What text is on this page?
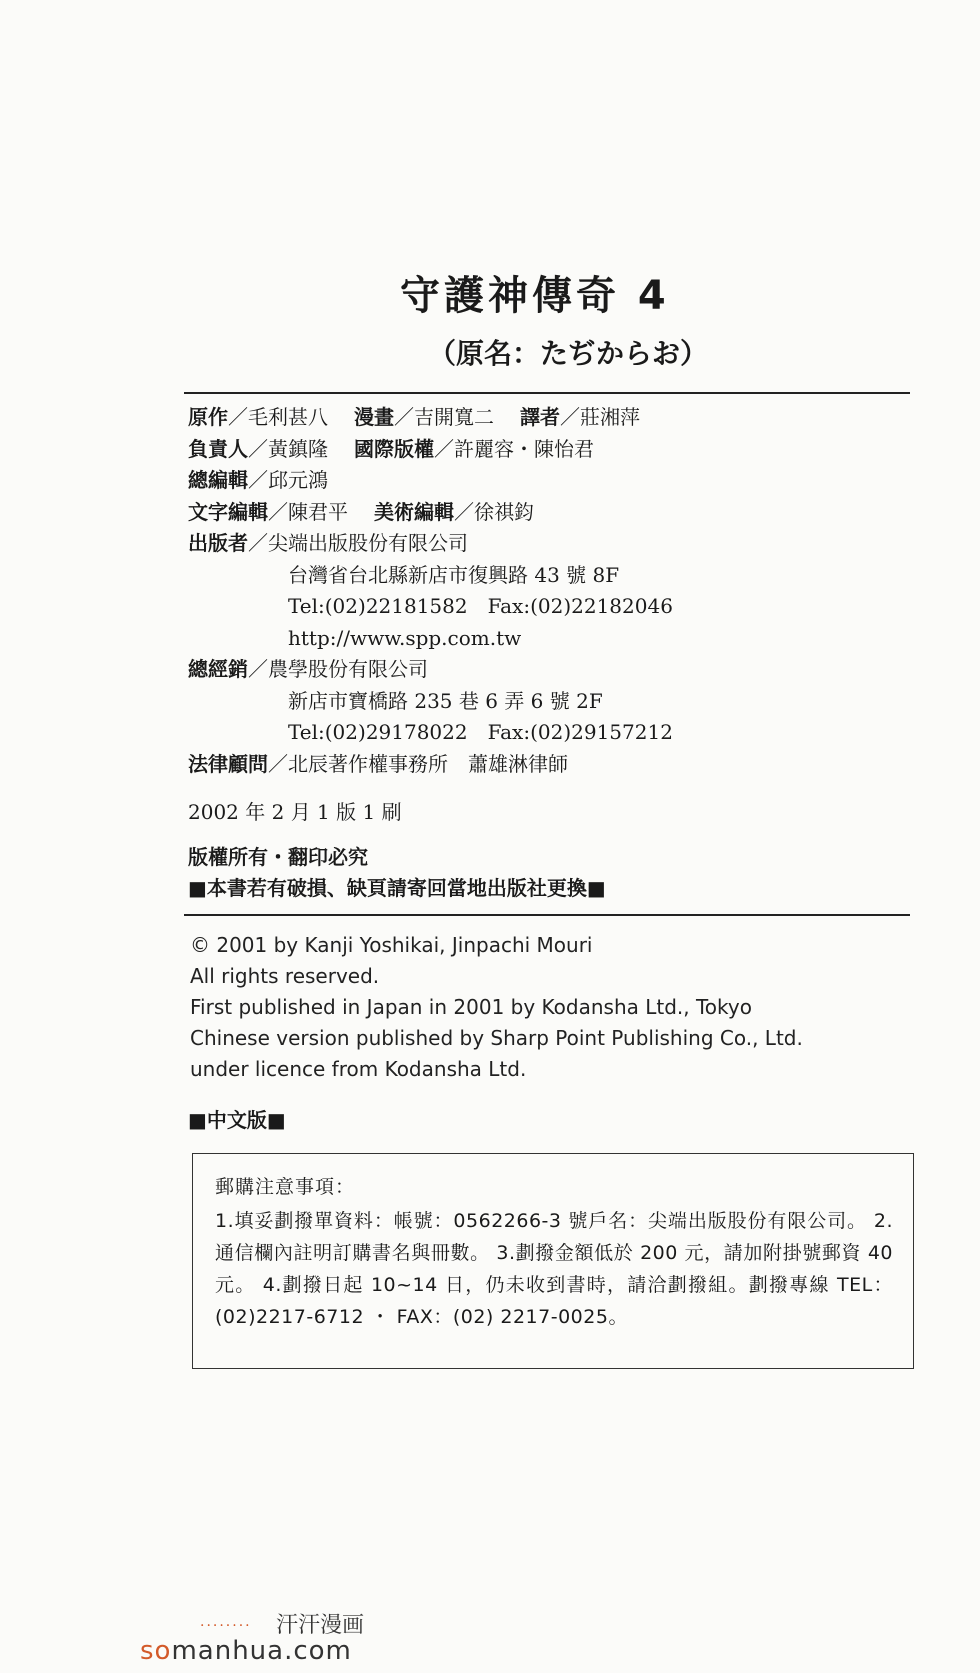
守護神傳奇 4
（原名：たぢからお）
原作／毛利甚八 漫畫／吉開寬二 譯者／莊湘萍
負責人／黃鎮隆 國際版權／許麗容・陳怡君
總編輯／邱元鴻
文字編輯／陳君平 美術編輯／徐祺鈞
出版者／尖端出版股份有限公司
台灣省台北縣新店市復興路 43 號 8F
Tel:(02)22181582　Fax:(02)22182046
http://www.spp.com.tw
總經銷／農學股份有限公司
新店市寶橋路 235 巷 6 弄 6 號 2F
Tel:(02)29178022　Fax:(02)29157212
法律顧問／北辰著作權事務所　蕭雄淋律師
2002 年 2 月 1 版 1 刷
版權所有・翻印必究
■本書若有破損、缺頁請寄回當地出版社更換■
© 2001 by Kanji Yoshikai, Jinpachi Mouri
All rights reserved.
First published in Japan in 2001 by Kodansha Ltd., Tokyo
Chinese version published by Sharp Point Publishing Co., Ltd.
under licence from Kodansha Ltd.
■中文版■
郵購注意事項：
1.填妥劃撥單資料：帳號：0562266-3 號戶名：尖端出版股份有限公司。 2.通信欄內註明訂購書名與冊數。 3.劃撥金額低於 200 元，請加附掛號郵資 40 元。 4.劃撥日起 10~14 日，仍未收到書時，請洽劃撥組。劃撥專線 TEL：(02)2217-6712 ・ FAX：(02) 2217-0025。
········ 汗汗漫画
somanhua.com
